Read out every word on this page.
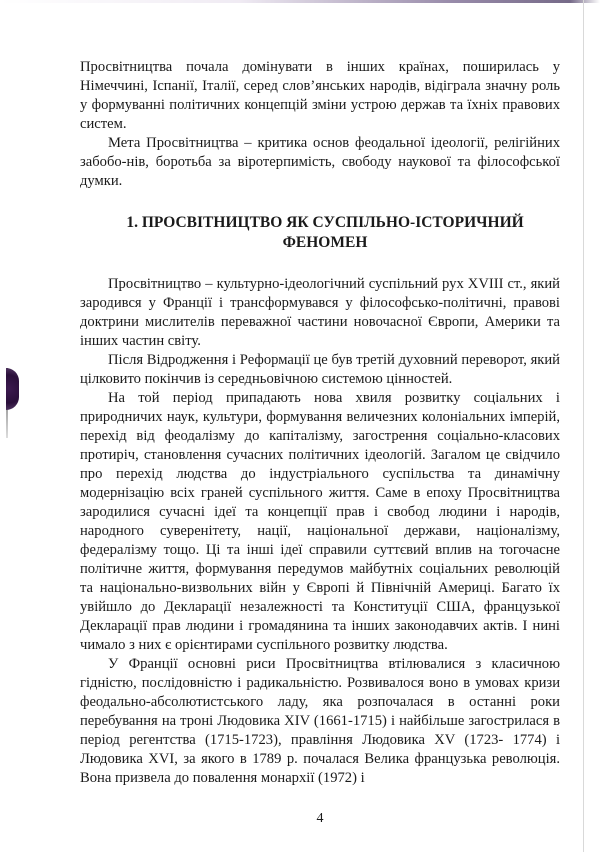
Просвітництва почала домінувати в інших країнах, поширилась у Німеччині, Іспанії, Італії, серед слов’янських народів, відіграла значну роль у формуванні політичних концепцій зміни устрою держав та їхніх правових систем.

Мета Просвітництва – критика основ феодальної ідеології, релігійних забобо-нів, боротьба за віротерпимість, свободу наукової та філософської думки.

1. ПРОСВІТНИЦТВО ЯК СУСПІЛЬНО-ІСТОРИЧНИЙ ФЕНОМЕН

Просвітництво – культурно-ідеологічний суспільний рух XVIII ст., який зародився у Франції і трансформувався у філософсько-політичні, правові доктрини мислителів переважної частини новочасної Європи, Америки та інших частин світу.

Після Відродження і Реформації це був третій духовний переворот, який цілковито покінчив із середньовічною системою цінностей.

На той період припадають нова хвиля розвитку соціальних і природничих наук, культури, формування величезних колоніальних імперій, перехід від феодалізму до капіталізму, загострення соціально-класових протиріч, становлення сучасних політичних ідеологій. Загалом це свідчило про перехід людства до індустріального суспільства та динамічну модернізацію всіх граней суспільного життя. Саме в епоху Просвітництва зародилися сучасні ідеї та концепції прав і свобод людини і народів, народного суверенітету, нації, національної держави, націоналізму, федералізму тощо. Ці та інші ідеї справили суттєвий вплив на тогочасне політичне життя, формування передумов майбутніх соціальних революцій та національно-визвольних війн у Європі й Північній Америці. Багато їх увійшло до Декларації незалежності та Конституції США, французької Декларації прав людини і громадянина та інших законодавчих актів. І нині чимало з них є орієнтирами суспільного розвитку людства.

У Франції основні риси Просвітництва втілювалися з класичною гідністю, послідовністю і радикальністю. Розвивалося воно в умовах кризи феодально-абсолютистського ладу, яка розпочалася в останні роки перебування на троні Людовика XIV (1661-1715) і найбільше загострилася в період регентства (1715-1723), правління Людовика XV (1723- 1774) і Людовика XVI, за якого в 1789 р. почалася Велика французька революція. Вона призвела до повалення монархії (1972) і

4
